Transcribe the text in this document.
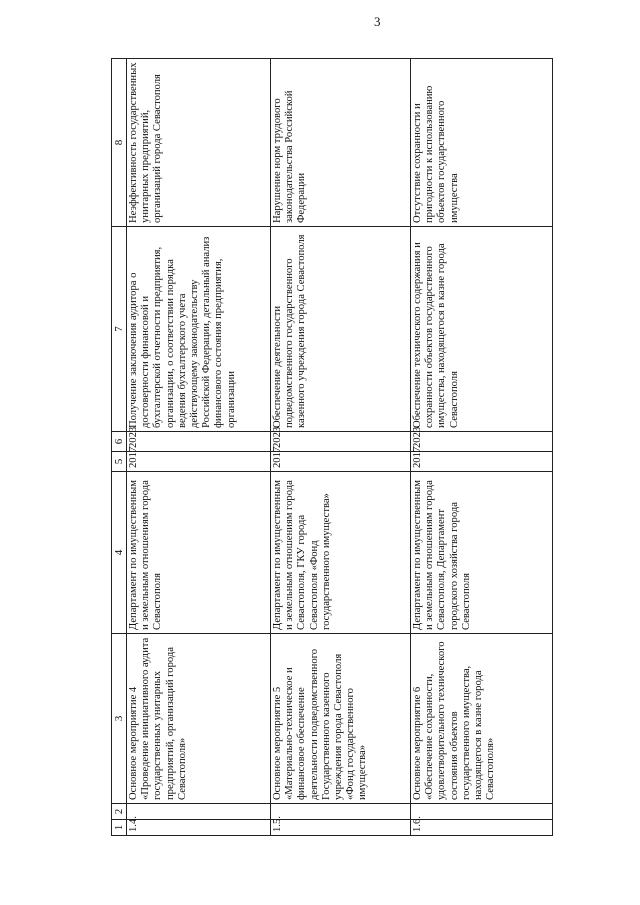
3
1	2	3	4	5	6	7	8
1.4.		Основное мероприятие 4 «Проведение инициативного аудита государственных унитарных предприятий, организаций города Севастополя»	Департамент по имущественным и земельным отношениям города Севастополя	2017	2023	Получение заключения аудитора о достоверности финансовой и бухгалтерской отчетности предприятия, организации, о соответствии порядка ведения бухгалтерского учета действующему законодательству Российской Федерации, детальный анализ финансового состояния предприятия, организации	Неэффективность государственных унитарных предприятий, организаций города Севастополя
1.5.		Основное мероприятие 5 «Материально-техническое и финансовое обеспечение деятельности подведомственного Государственного казенного учреждения города Севастополя «Фонд государственного имущества»	Департамент по имущественным и земельным отношениям города Севастополя, ГКУ города Севастополя «Фонд государственного имущества»	2017	2023	Обеспечение деятельности подведомственного государственного казенного учреждения города Севастополя	Нарушение норм трудового законодательства Российской Федерации
1.6.		Основное мероприятие 6 «Обеспечение сохранности, удовлетворительного технического состояния объектов государственного имущества, находящегося в казне города Севастополя»	Департамент по имущественным и земельным отношениям города Севастополя, Департамент городского хозяйства города Севастополя	2017	2023	Обеспечение технического содержания и сохранности объектов государственного имущества, находящегося в казне города Севастополя	Отсутствие сохранности и пригодности к использованию объектов государственного имущества
